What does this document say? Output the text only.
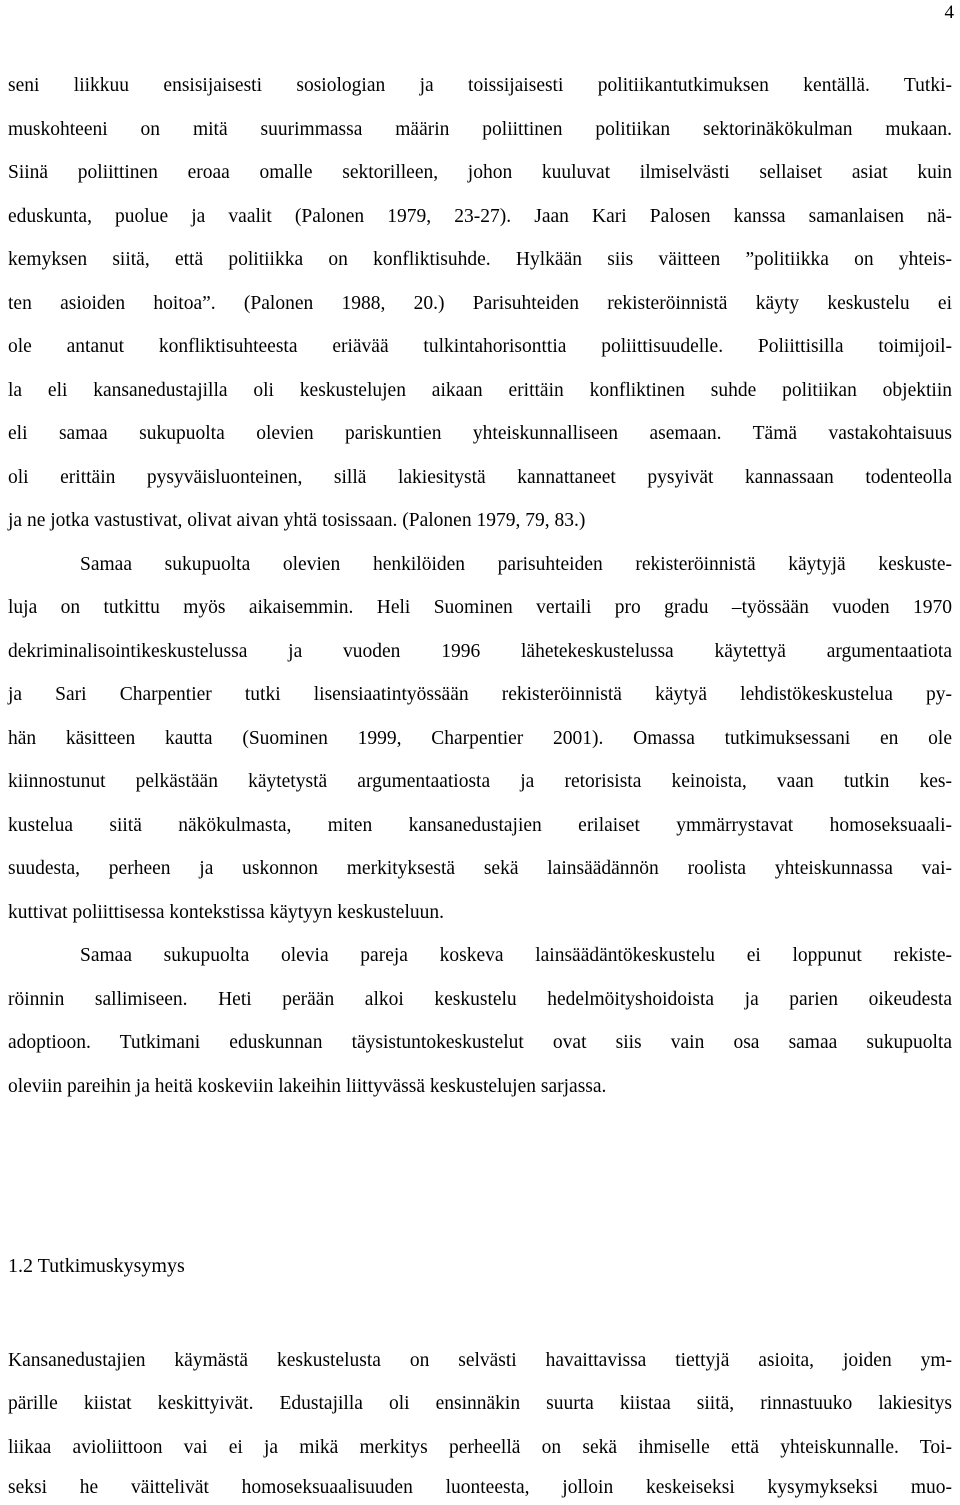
4
seni liikkuu ensisijaisesti sosiologian ja toissijaisesti politiikantutkimuksen kentällä. Tutki-
muskohteeni on mitä suurimmassa määrin poliittinen politiikan sektorinäkökulman mukaan.
Siinä poliittinen eroaa omalle sektorilleen, johon kuuluvat ilmiselvästi sellaiset asiat kuin
eduskunta, puolue ja vaalit (Palonen 1979, 23-27). Jaan Kari Palosen kanssa samanlaisen nä-
kemyksen siitä, että politiikka on konfliktisuhde. Hylkään siis väitteen ”politiikka on yhteis-
ten asioiden hoitoa”. (Palonen 1988, 20.) Parisuhteiden rekisteröinnistä käyty keskustelu ei
ole antanut konfliktisuhteesta eriävää tulkintahorisonttia poliittisuudelle. Poliittisilla toimijoil-
la eli kansanedustajilla oli keskustelujen aikaan erittäin konfliktinen suhde politiikan objektiin
eli samaa sukupuolta olevien pariskuntien yhteiskunnalliseen asemaan. Tämä vastakohtaisuus
oli erittäin pysyväisluonteinen, sillä lakiesitystä kannattaneet pysyivät kannassaan todenteolla
ja ne jotka vastustivat, olivat aivan yhtä tosissaan. (Palonen 1979, 79, 83.)
Samaa sukupuolta olevien henkilöiden parisuhteiden rekisteröinnistä käytyjä keskuste-
luja on tutkittu myös aikaisemmin. Heli Suominen vertaili pro gradu –työssään vuoden 1970
dekriminalisointikeskustelussa ja vuoden 1996 lähetekeskustelussa käytettyä argumentaatiota
ja Sari Charpentier tutki lisensiaatintyössään rekisteröinnistä käytyä lehdistökeskustelua py-
hän käsitteen kautta (Suominen 1999, Charpentier 2001). Omassa tutkimuksessani en ole
kiinnostunut pelkästään käytetystä argumentaatiosta ja retorisista keinoista, vaan tutkin kes-
kustelua siitä näkökulmasta, miten kansanedustajien erilaiset ymmärrystavat homoseksuaali-
suudesta, perheen ja uskonnon merkityksestä sekä lainsäädännön roolista yhteiskunnassa vai-
kuttivat poliittisessa kontekstissa käytyyn keskusteluun.
Samaa sukupuolta olevia pareja koskeva lainsäädäntökeskustelu ei loppunut rekiste-
röinnin sallimiseen. Heti perään alkoi keskustelu hedelmöityshoidoista ja parien oikeudesta
adoptioon. Tutkimani eduskunnan täysistuntokeskustelut ovat siis vain osa samaa sukupuolta
oleviin pareihin ja heitä koskeviin lakeihin liittyvässä keskustelujen sarjassa.
1.2 Tutkimuskysymys
Kansanedustajien käymästä keskustelusta on selvästi havaittavissa tiettyjä asioita, joiden ym-
pärille kiistat keskittyivät. Edustajilla oli ensinnäkin suurta kiistaa siitä, rinnastuuko lakiesitys
liikaa avioliittoon vai ei ja mikä merkitys perheellä on sekä ihmiselle että yhteiskunnalle. Toi-
seksi he väittelivät homoseksuaalisuuden luonteesta, jolloin keskeiseksi kysymykseksi muo-
